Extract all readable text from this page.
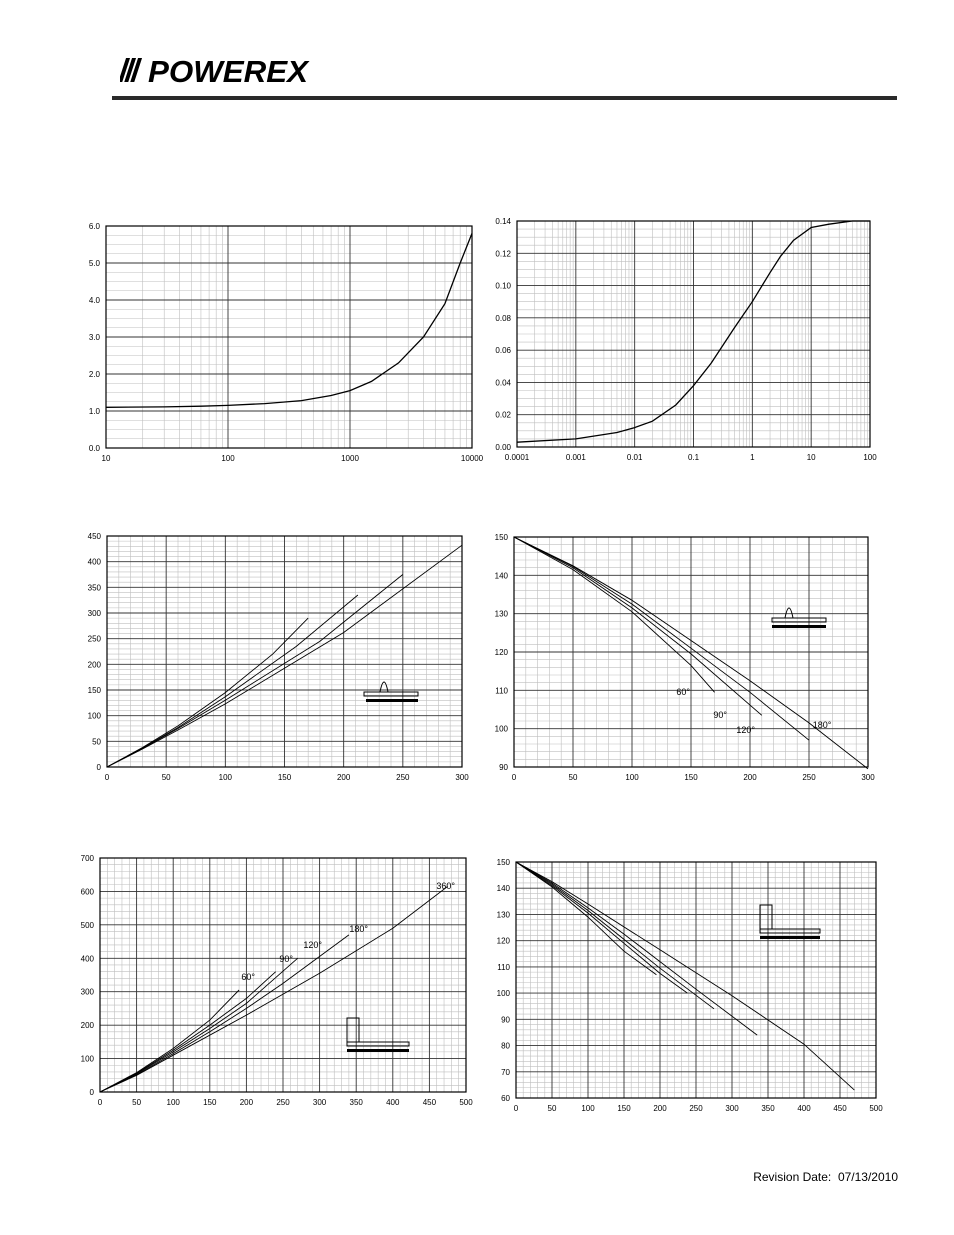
POWEREX
10	100	1000	10000
0.0
1.0
2.0
3.0
4.0
5.0
6.0
0.0001	0.001	0.01	0.1	1	10	100
0.00
0.02
0.04
0.06
0.08
0.10
0.12
0.14
0	50	100	150	200	250	300
0
50
100
150
200
250
300
350
400
450
0	50	100	150	200	250	300
90
100
110
120
130
140
150
60°
90°
120°	180°
0	50	100	150	200	250	300	350	400	450	500
0
100
200
300
400
500
600
700
60°
90°
120°
180°
360°
0	50	100	150	200	250	300	350	400	450	500
60
70
80
90
100
110
120
130
140
150
Revision Date: 07/13/2010
